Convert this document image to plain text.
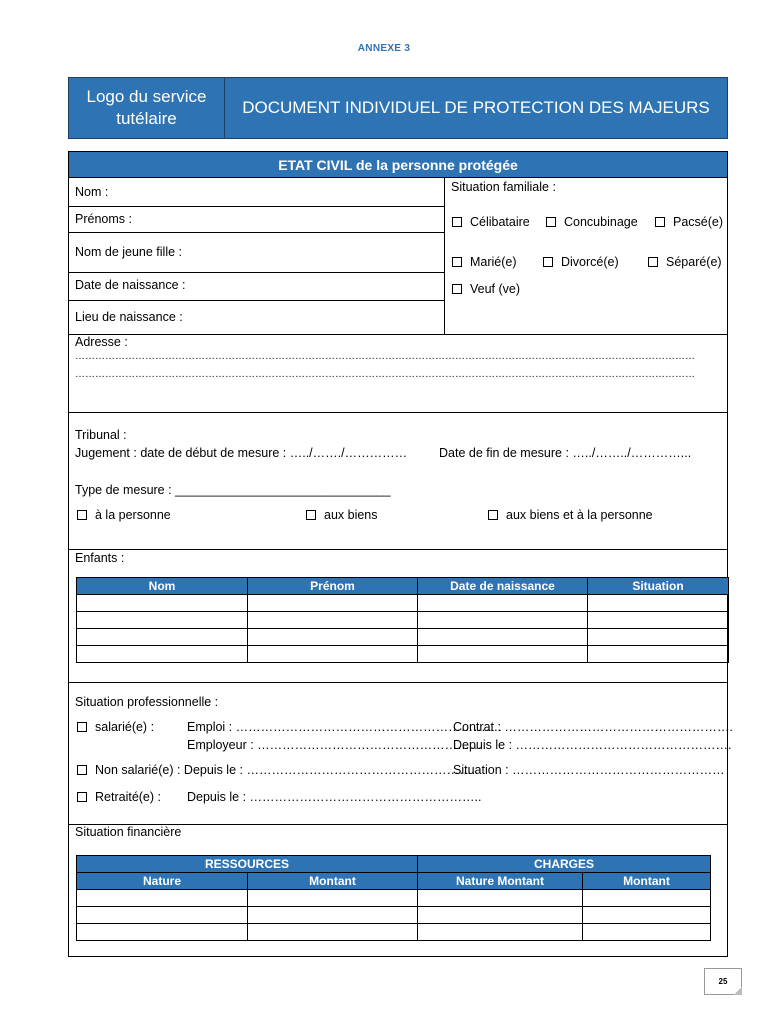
ANNEXE 3
Logo du service tutélaire
DOCUMENT INDIVIDUEL DE PROTECTION DES MAJEURS
ETAT CIVIL de la personne protégée
Nom :
Prénoms :
Nom de jeune fille :
Date de naissance :
Lieu de naissance :
Situation familiale :
Célibataire	Concubinage	Pacsé(e)
Marié(e)	Divorcé(e)	Séparé(e)
Veuf (ve)
Adresse :
……………………………………………………………………………………………………………………………………………………………………
……………………………………………………………………………………………………………………………………………………………………
Tribunal :
Jugement : date de début de mesure : …../……./……………	Date de fin de mesure : …../……../…………...
Type de mesure : _______________________________
à la personne	aux biens	aux biens et à la personne
Enfants :
Nom	Prénom	Date de naissance	Situation

Situation professionnelle :
salarié(e) :	Emploi : ……………………………………………………….
Contrat : ……………………………………………….
Employeur : ………………………………………………
Depuis le : …………………………………………….
Non salarié(e) : Depuis le : ………………………………………………..
Situation : ……………………………………………
Retraité(e) : Depuis le : ………………………………………………..
Situation financière
RESSOURCES		CHARGES	
Nature	Montant	Nature Montant	Montant

25
